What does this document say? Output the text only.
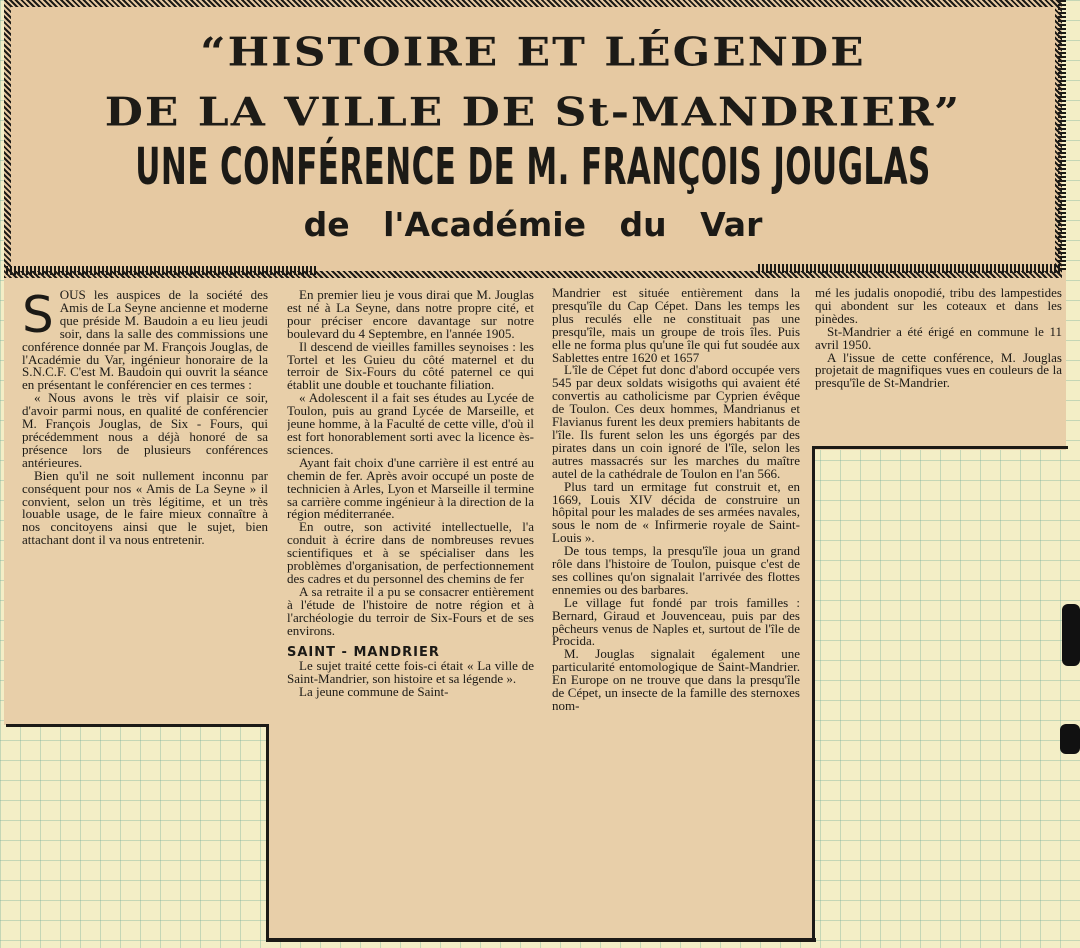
“HISTOIRE ET LÉGENDE
DE LA VILLE DE St-MANDRIER”
UNE CONFÉRENCE DE M. FRANÇOIS JOUGLAS
de l'Académie du Var
S OUS les auspices de la société des Amis de La Seyne ancienne et moderne que préside M. Baudoin a eu lieu jeudi soir, dans la salle des commissions une conférence donnée par M. François Jouglas, de l'Académie du Var, ingénieur honoraire de la S.N.C.F. C'est M. Baudoin qui ouvrit la séance en présentant le conférencier en ces termes :

« Nous avons le très vif plaisir ce soir, d'avoir parmi nous, en qualité de conférencier M. François Jouglas, de Six - Fours, qui précédemment nous a déjà honoré de sa présence lors de plusieurs conférences antérieures.

Bien qu'il ne soit nullement inconnu par conséquent pour nos « Amis de La Seyne » il convient, selon un très légitime, et un très louable usage, de le faire mieux connaître à nos concitoyens ainsi que le sujet, bien attachant dont il va nous entretenir.

En premier lieu je vous dirai que M. Jouglas est né à La Seyne, dans notre propre cité, et pour préciser encore davantage sur notre boulevard du 4 Septembre, en l'année 1905.

Il descend de vieilles familles seynoises : les Tortel et les Guieu du côté maternel et du terroir de Six-Fours du côté paternel ce qui établit une double et touchante filiation.

« Adolescent il a fait ses études au Lycée de Toulon, puis au grand Lycée de Marseille, et jeune homme, à la Faculté de cette ville, d'où il est fort honorablement sorti avec la licence ès-sciences.

Ayant fait choix d'une carrière il est entré au chemin de fer. Après avoir occupé un poste de technicien à Arles, Lyon et Marseille il termine sa carrière comme ingénieur à la direction de la région méditerranée.

En outre, son activité intellectuelle, l'a conduit à écrire dans de nombreuses revues scientifiques et à se spécialiser dans les problèmes d'organisation, de perfectionnement des cadres et du personnel des chemins de fer

A sa retraite il a pu se consacrer entièrement à l'étude de l'histoire de notre région et à l'archéologie du terroir de Six-Fours et de ses environs.

SAINT - MANDRIER

Le sujet traité cette fois-ci était « La ville de Saint-Mandrier, son histoire et sa légende ».

La jeune commune de Saint-

Mandrier est située entièrement dans la presqu'île du Cap Cépet. Dans les temps les plus reculés elle ne constituait pas une presqu'île, mais un groupe de trois îles. Puis elle ne forma plus qu'une île qui fut soudée aux Sablettes entre 1620 et 1657

L'île de Cépet fut donc d'abord occupée vers 545 par deux soldats wisigoths qui avaient été convertis au catholicisme par Cyprien évêque de Toulon. Ces deux hommes, Mandrianus et Flavianus furent les deux premiers habitants de l'île. Ils furent selon les uns égorgés par des pirates dans un coin ignoré de l'île, selon les autres massacrés sur les marches du maître autel de la cathédrale de Toulon en l'an 566.

Plus tard un ermitage fut construit et, en 1669, Louis XIV décida de construire un hôpital pour les malades de ses armées navales, sous le nom de « Infirmerie royale de Saint-Louis ».

De tous temps, la presqu'île joua un grand rôle dans l'histoire de Toulon, puisque c'est de ses collines qu'on signalait l'arrivée des flottes ennemies ou des barbares.

Le village fut fondé par trois familles : Bernard, Giraud et Jouvenceau, puis par des pêcheurs venus de Naples et, surtout de l'île de Procida.

M. Jouglas signalait également une particularité entomologique de Saint-Mandrier. En Europe on ne trouve que dans la presqu'île de Cépet, un insecte de la famille des sternoxes nom-

mé les judalis onopodié, tribu des lampestides qui abondent sur les coteaux et dans les pinèdes.

St-Mandrier a été érigé en commune le 11 avril 1950.

A l'issue de cette conférence, M. Jouglas projetait de magnifiques vues en couleurs de la presqu'île de St-Mandrier.
